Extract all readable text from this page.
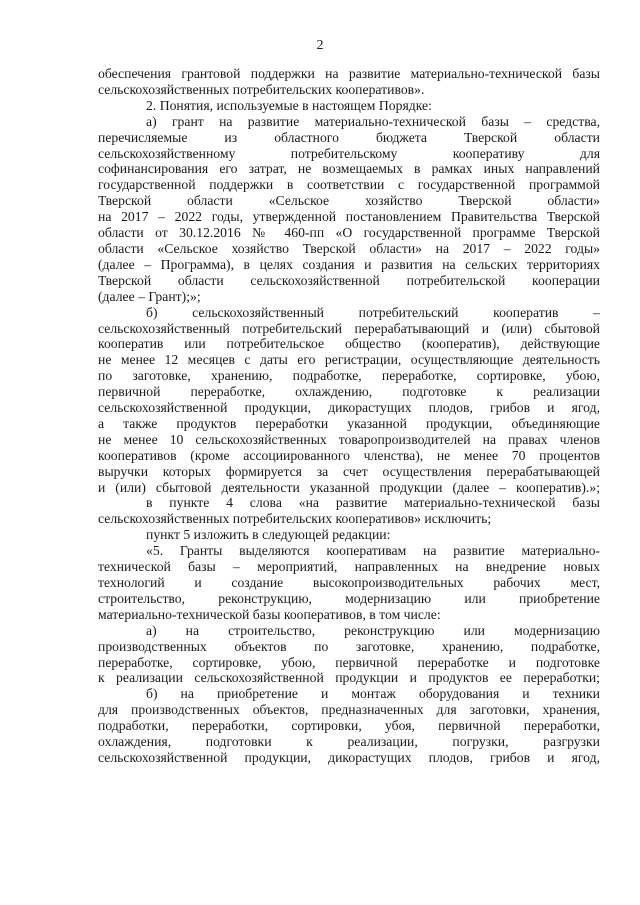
2
обеспечения грантовой поддержки на развитие материально-технической базы
сельскохозяйственных потребительских кооперативов».
2. Понятия, используемые в настоящем Порядке:
а) грант на развитие материально-технической базы – средства,
перечисляемые из областного бюджета Тверской области
сельскохозяйственному потребительскому кооперативу для
софинансирования его затрат, не возмещаемых в рамках иных направлений
государственной поддержки в соответствии с государственной программой
Тверской области «Сельское хозяйство Тверской области»
на 2017 – 2022 годы, утвержденной постановлением Правительства Тверской
области от 30.12.2016 № 460-пп «О государственной программе Тверской
области «Сельское хозяйство Тверской области» на 2017 – 2022 годы»
(далее – Программа), в целях создания и развития на сельских территориях
Тверской области сельскохозяйственной потребительской кооперации
(далее – Грант);»;
б) сельскохозяйственный потребительский кооператив –
сельскохозяйственный потребительский перерабатывающий и (или) сбытовой
кооператив или потребительское общество (кооператив), действующие
не менее 12 месяцев с даты его регистрации, осуществляющие деятельность
по заготовке, хранению, подработке, переработке, сортировке, убою,
первичной переработке, охлаждению, подготовке к реализации
сельскохозяйственной продукции, дикорастущих плодов, грибов и ягод,
а также продуктов переработки указанной продукции, объединяющие
не менее 10 сельскохозяйственных товаропроизводителей на правах членов
кооперативов (кроме ассоциированного членства), не менее 70 процентов
выручки которых формируется за счет осуществления перерабатывающей
и (или) сбытовой деятельности указанной продукции (далее – кооператив).»;
в пункте 4 слова «на развитие материально-технической базы
сельскохозяйственных потребительских кооперативов» исключить;
пункт 5 изложить в следующей редакции:
«5. Гранты выделяются кооперативам на развитие материально-
технической базы – мероприятий, направленных на внедрение новых
технологий и создание высокопроизводительных рабочих мест,
строительство, реконструкцию, модернизацию или приобретение
материально-технической базы кооперативов, в том числе:
а) на строительство, реконструкцию или модернизацию
производственных объектов по заготовке, хранению, подработке,
переработке, сортировке, убою, первичной переработке и подготовке
к реализации сельскохозяйственной продукции и продуктов ее переработки;
б) на приобретение и монтаж оборудования и техники
для производственных объектов, предназначенных для заготовки, хранения,
подработки, переработки, сортировки, убоя, первичной переработки,
охлаждения, подготовки к реализации, погрузки, разгрузки
сельскохозяйственной продукции, дикорастущих плодов, грибов и ягод,
